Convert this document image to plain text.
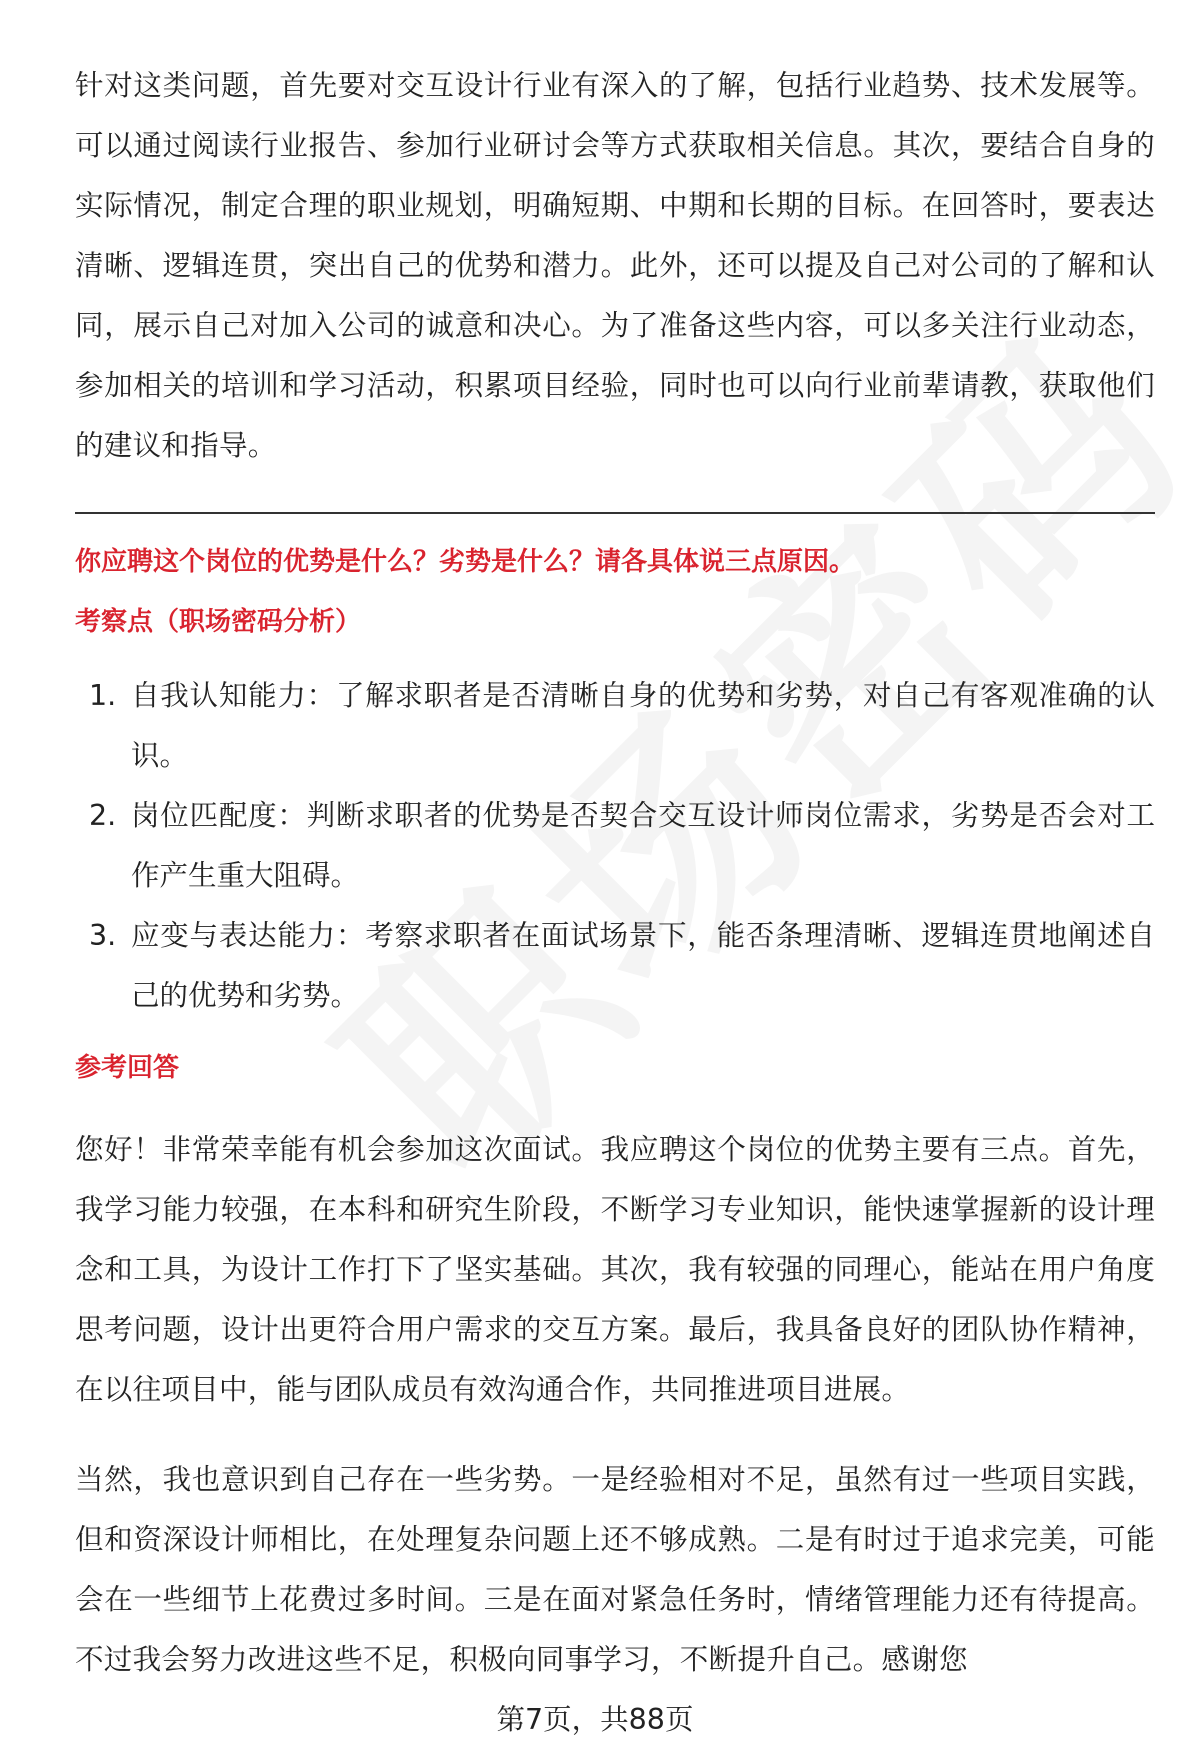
针对这类问题，首先要对交互设计行业有深入的了解，包括行业趋势、技术发展等。可以通过阅读行业报告、参加行业研讨会等方式获取相关信息。其次，要结合自身的实际情况，制定合理的职业规划，明确短期、中期和长期的目标。在回答时，要表达清晰、逻辑连贯，突出自己的优势和潜力。此外，还可以提及自己对公司的了解和认同，展示自己对加入公司的诚意和决心。为了准备这些内容，可以多关注行业动态，参加相关的培训和学习活动，积累项目经验，同时也可以向行业前辈请教，获取他们的建议和指导。

你应聘这个岗位的优势是什么？劣势是什么？请各具体说三点原因。

考察点（职场密码分析）

1. 自我认知能力：了解求职者是否清晰自身的优势和劣势，对自己有客观准确的认识。
2. 岗位匹配度：判断求职者的优势是否契合交互设计师岗位需求，劣势是否会对工作产生重大阻碍。
3. 应变与表达能力：考察求职者在面试场景下，能否条理清晰、逻辑连贯地阐述自己的优势和劣势。

参考回答

您好！非常荣幸能有机会参加这次面试。我应聘这个岗位的优势主要有三点。首先，我学习能力较强，在本科和研究生阶段，不断学习专业知识，能快速掌握新的设计理念和工具，为设计工作打下了坚实基础。其次，我有较强的同理心，能站在用户角度思考问题，设计出更符合用户需求的交互方案。最后，我具备良好的团队协作精神，在以往项目中，能与团队成员有效沟通合作，共同推进项目进展。

当然，我也意识到自己存在一些劣势。一是经验相对不足，虽然有过一些项目实践，但和资深设计师相比，在处理复杂问题上还不够成熟。二是有时过于追求完美，可能会在一些细节上花费过多时间。三是在面对紧急任务时，情绪管理能力还有待提高。不过我会努力改进这些不足，积极向同事学习，不断提升自己。感谢您

第7页，共88页
